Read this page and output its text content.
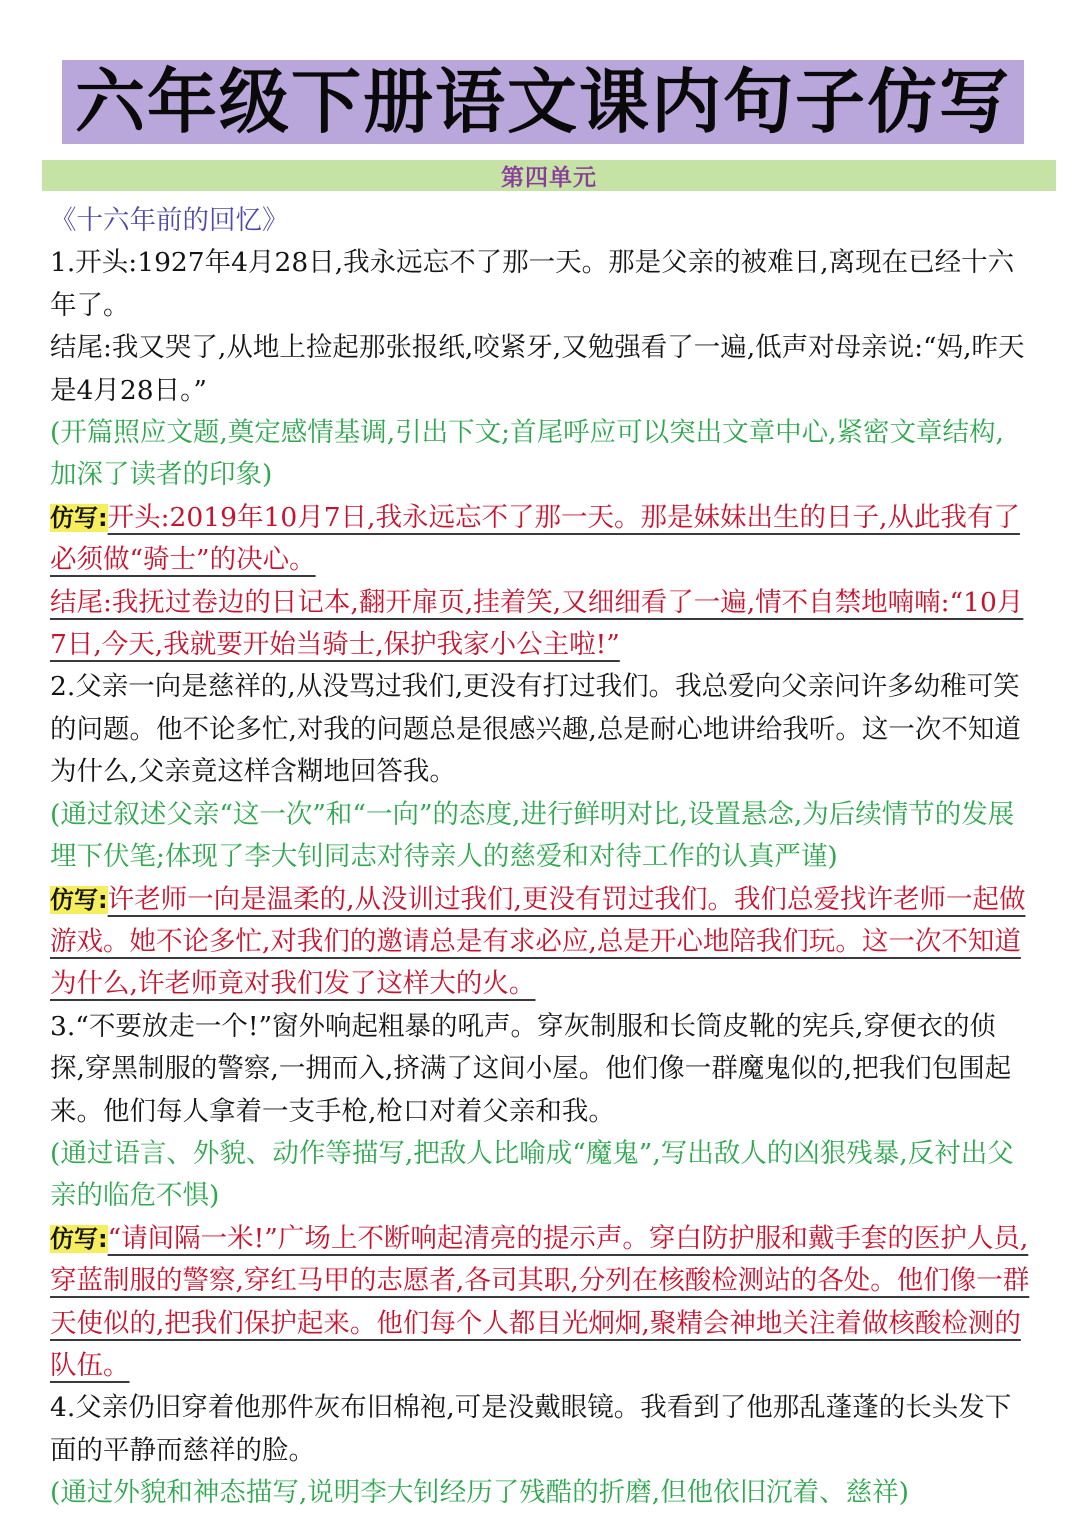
六年级下册语文课内句子仿写
第四单元

《十六年前的回忆》

1.开头:1927年4月28日,我永远忘不了那一天。那是父亲的被难日,离现在已经十六年了。

结尾:我又哭了,从地上捡起那张报纸,咬紧牙,又勉强看了一遍,低声对母亲说:“妈,昨天是4月28日。”

(开篇照应文题,奠定感情基调,引出下文;首尾呼应可以突出文章中心,紧密文章结构,加深了读者的印象)

仿写:开头:2019年10月7日,我永远忘不了那一天。那是妹妹出生的日子,从此我有了必须做“骑士”的决心。

结尾:我抚过卷边的日记本,翻开扉页,挂着笑,又细细看了一遍,情不自禁地喃喃:“10月7日,今天,我就要开始当骑士,保护我家小公主啦!”

2.父亲一向是慈祥的,从没骂过我们,更没有打过我们。我总爱向父亲问许多幼稚可笑的问题。他不论多忙,对我的问题总是很感兴趣,总是耐心地讲给我听。这一次不知道为什么,父亲竟这样含糊地回答我。

(通过叙述父亲“这一次”和“一向”的态度,进行鲜明对比,设置悬念,为后续情节的发展埋下伏笔;体现了李大钊同志对待亲人的慈爱和对待工作的认真严谨)

仿写:许老师一向是温柔的,从没训过我们,更没有罚过我们。我们总爱找许老师一起做游戏。她不论多忙,对我们的邀请总是有求必应,总是开心地陪我们玩。这一次不知道为什么,许老师竟对我们发了这样大的火。

3.“不要放走一个!”窗外响起粗暴的吼声。穿灰制服和长筒皮靴的宪兵,穿便衣的侦探,穿黑制服的警察,一拥而入,挤满了这间小屋。他们像一群魔鬼似的,把我们包围起来。他们每人拿着一支手枪,枪口对着父亲和我。

(通过语言、外貌、动作等描写,把敌人比喻成“魔鬼”,写出敌人的凶狠残暴,反衬出父亲的临危不惧)

仿写:“请间隔一米!”广场上不断响起清亮的提示声。穿白防护服和戴手套的医护人员,穿蓝制服的警察,穿红马甲的志愿者,各司其职,分列在核酸检测站的各处。他们像一群天使似的,把我们保护起来。他们每个人都目光炯炯,聚精会神地关注着做核酸检测的队伍。

4.父亲仍旧穿着他那件灰布旧棉袍,可是没戴眼镜。我看到了他那乱蓬蓬的长头发下面的平静而慈祥的脸。

(通过外貌和神态描写,说明李大钊经历了残酷的折磨,但他依旧沉着、慈祥)
